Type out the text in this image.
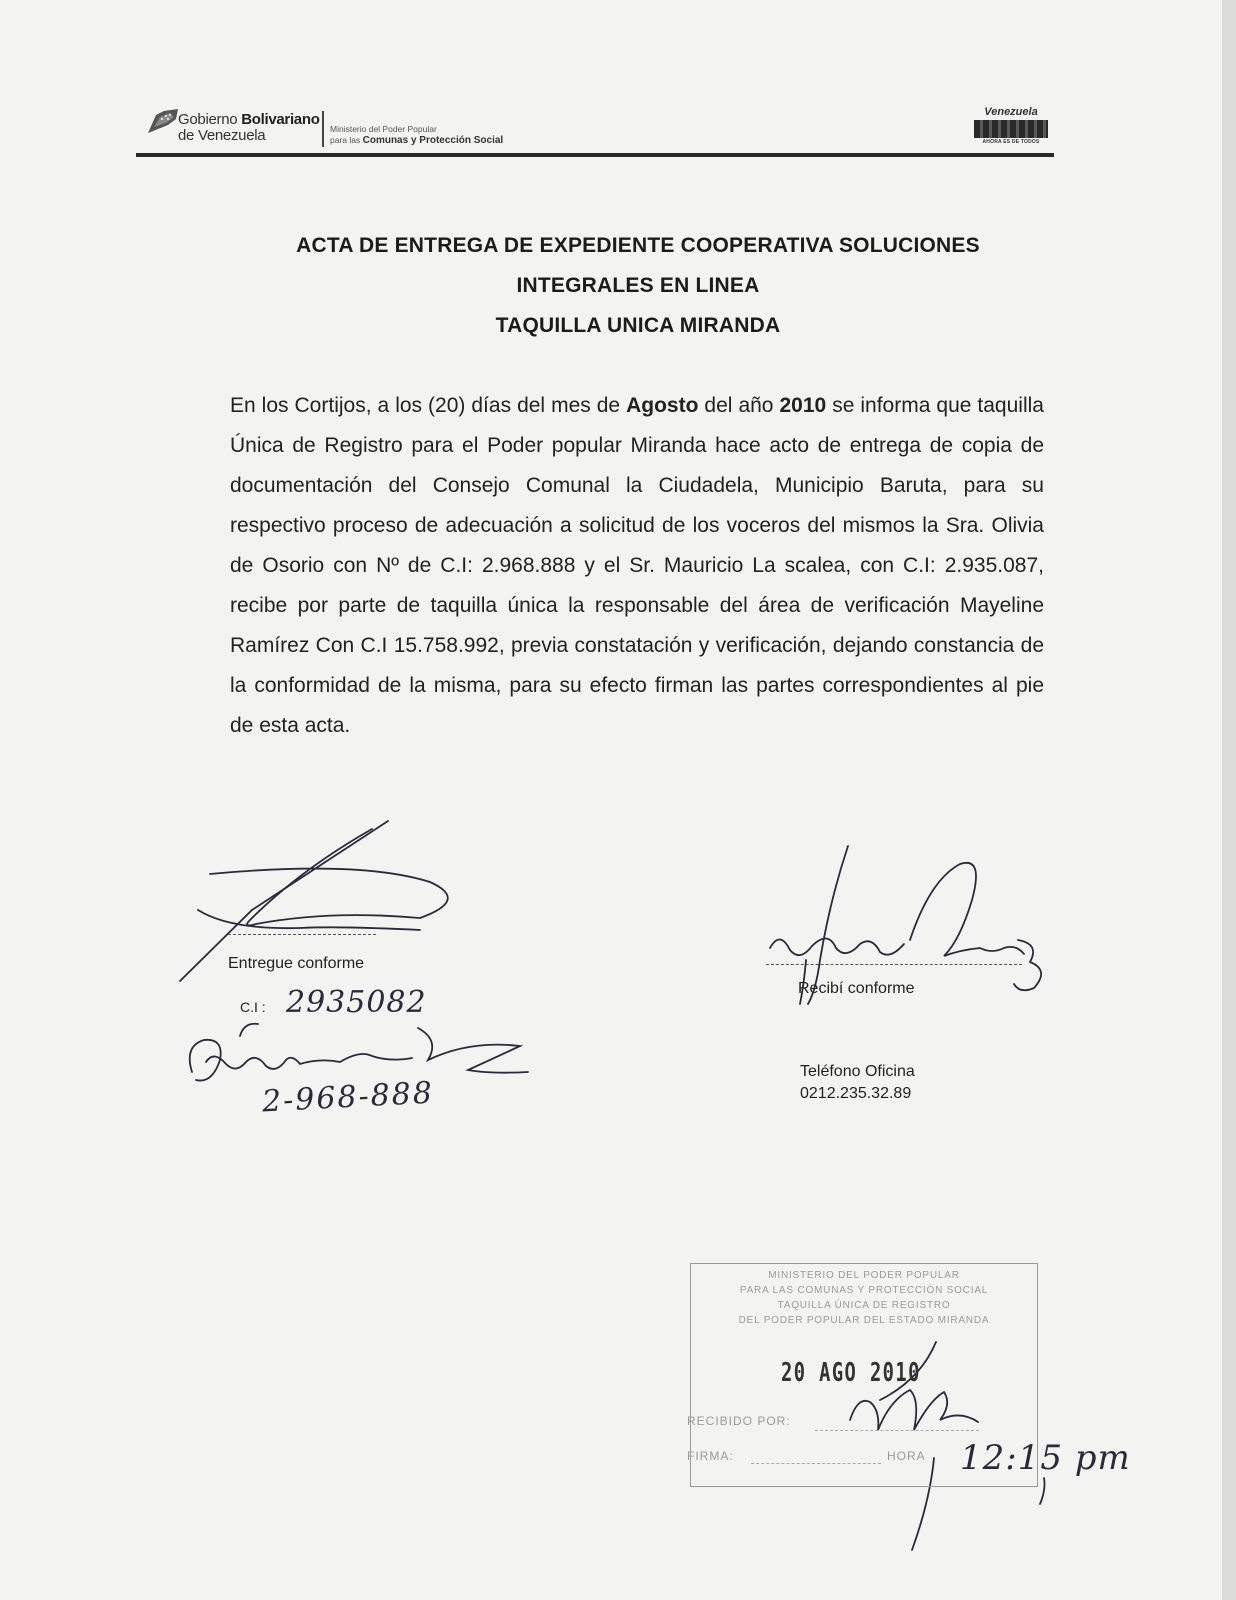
Gobierno Bolivariano
de Venezuela	Ministerio del Poder Popular
para las Comunas y Protección Social
Venezuela
AHORA ES DE TODOS
ACTA DE ENTREGA DE EXPEDIENTE COOPERATIVA SOLUCIONES
INTEGRALES EN LINEA
TAQUILLA UNICA MIRANDA
En los Cortijos, a los (20) días del mes de Agosto del año 2010 se informa que taquilla Única de Registro para el Poder popular Miranda hace acto de entrega de copia de documentación del Consejo Comunal la Ciudadela, Municipio Baruta, para su respectivo proceso de adecuación a solicitud de los voceros del mismos la Sra. Olivia de Osorio con Nº de C.I: 2.968.888 y el Sr. Mauricio La scalea, con C.I: 2.935.087, recibe por parte de taquilla única la responsable del área de verificación Mayeline Ramírez Con C.I 15.758.992, previa constatación y verificación, dejando constancia de la conformidad de la misma, para su efecto firman las partes correspondientes al pie de esta acta.
Entregue conforme
C.I : 2935082
2-968-888
Recibí conforme
Teléfono Oficina
0212.235.32.89
MINISTERIO DEL PODER POPULAR
PARA LAS COMUNAS Y PROTECCIÓN SOCIAL
TAQUILLA ÚNICA DE REGISTRO
DEL PODER POPULAR DEL ESTADO MIRANDA
20 AGO 2010
RECIBIDO POR:
FIRMA:	HORA 12:15 pm
